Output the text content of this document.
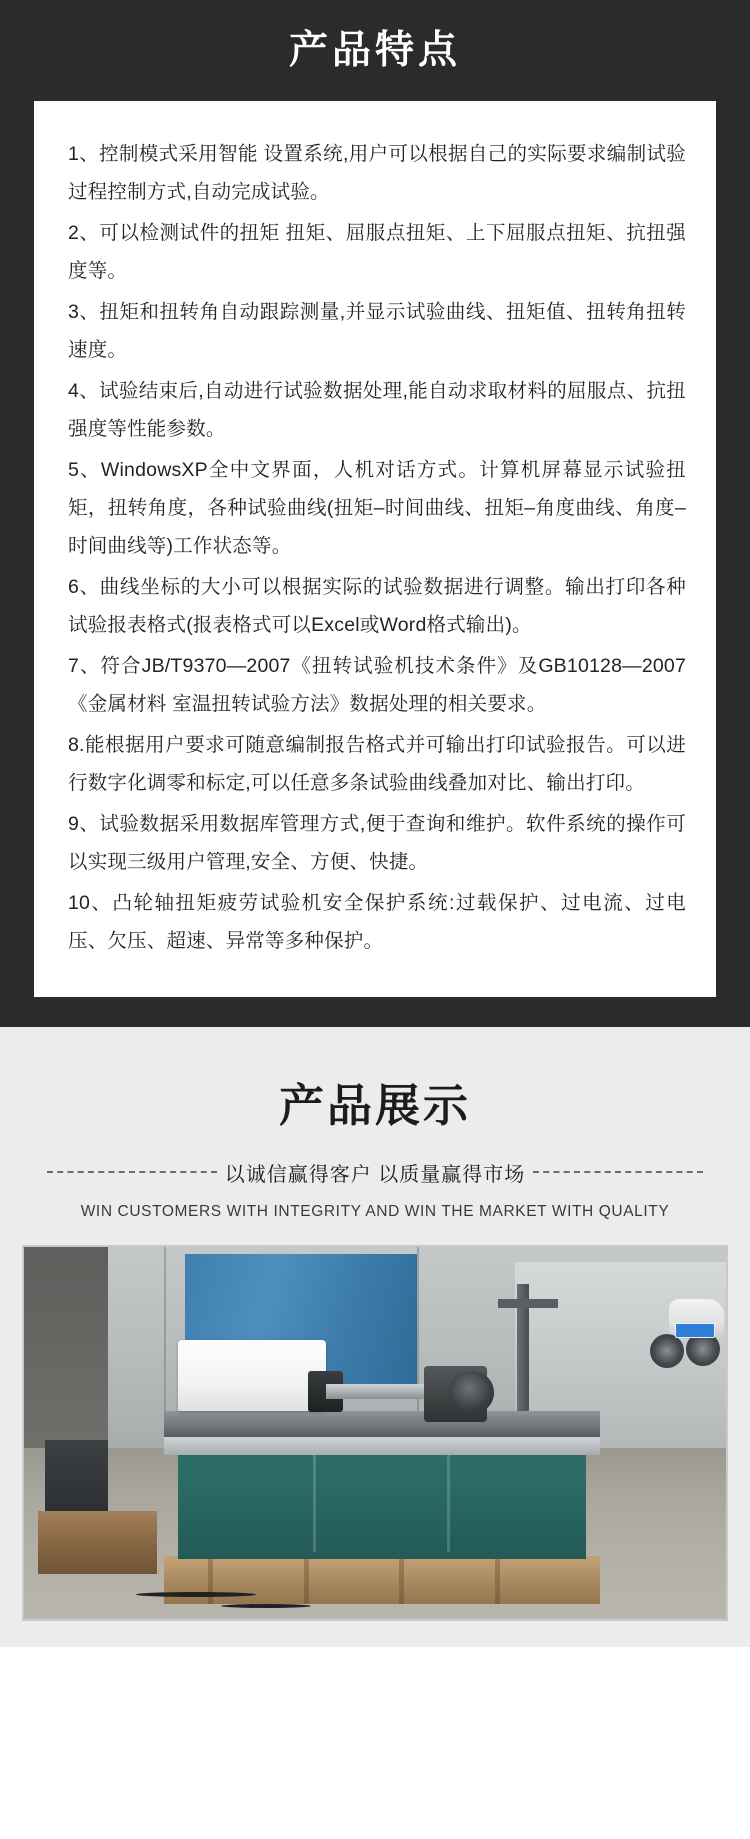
产品特点

1、控制模式采用智能 设置系统,用户可以根据自己的实际要求编制试验过程控制方式,自动完成试验。

2、可以检测试件的扭矩 扭矩、屈服点扭矩、上下屈服点扭矩、抗扭强度等。

3、扭矩和扭转角自动跟踪测量,并显示试验曲线、扭矩值、扭转角扭转速度。

4、试验结束后,自动进行试验数据处理,能自动求取材料的屈服点、抗扭强度等性能参数。

5、WindowsXP全中文界面，人机对话方式。计算机屏幕显示试验扭矩，扭转角度，各种试验曲线(扭矩–时间曲线、扭矩–角度曲线、角度–时间曲线等)工作状态等。

6、曲线坐标的大小可以根据实际的试验数据进行调整。输出打印各种试验报表格式(报表格式可以Excel或Word格式输出)。

7、符合JB/T9370—2007《扭转试验机技术条件》及GB10128—2007《金属材料 室温扭转试验方法》数据处理的相关要求。

8.能根据用户要求可随意编制报告格式并可输出打印试验报告。可以进行数字化调零和标定,可以任意多条试验曲线叠加对比、输出打印。

9、试验数据采用数据库管理方式,便于查询和维护。软件系统的操作可以实现三级用户管理,安全、方便、快捷。

10、凸轮轴扭矩疲劳试验机安全保护系统:过载保护、过电流、过电压、欠压、超速、异常等多种保护。

产品展示
以诚信赢得客户 以质量赢得市场
WIN CUSTOMERS WITH INTEGRITY AND WIN THE MARKET WITH QUALITY
